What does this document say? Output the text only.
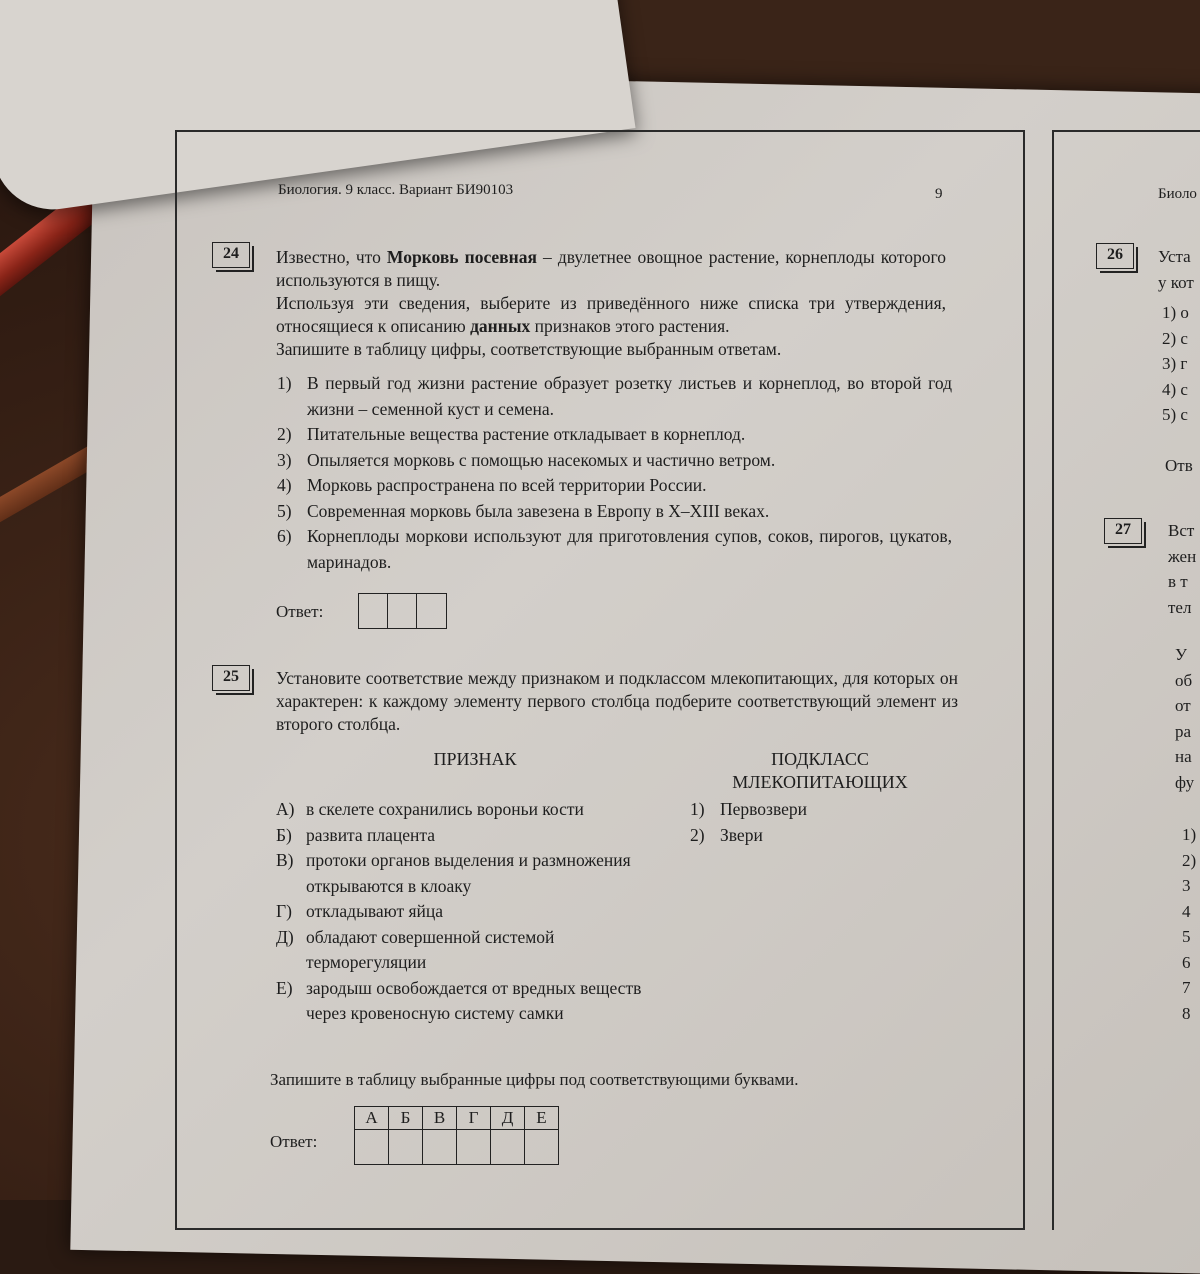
Биология. 9 класс. Вариант БИ90103	9	Биоло
24	Известно, что Морковь посевная – двулетнее овощное растение, корнеплоды которого используются в пищу.
Используя эти сведения, выберите из приведённого ниже списка три утверждения, относящиеся к описанию данных признаков этого растения.
Запишите в таблицу цифры, соответствующие выбранным ответам.
1) В первый год жизни растение образует розетку листьев и корнеплод, во второй год жизни – семенной куст и семена.
2) Питательные вещества растение откладывает в корнеплод.
3) Опыляется морковь с помощью насекомых и частично ветром.
4) Морковь распространена по всей территории России.
5) Современная морковь была завезена в Европу в X–XIII веках.
6) Корнеплоды моркови используют для приготовления супов, соков, пирогов, цукатов, маринадов.
Ответ:
25	Установите соответствие между признаком и подклассом млекопитающих, для которых он характерен: к каждому элементу первого столбца подберите соответствующий элемент из второго столбца.
ПРИЗНАК	ПОДКЛАСС
МЛЕКОПИТАЮЩИХ
А) в скелете сохранились вороньи кости
Б) развита плацента
В) протоки органов выделения и размножения открываются в клоаку
Г) откладывают яйца
Д) обладают совершенной системой терморегуляции
Е) зародыш освобождается от вредных веществ через кровеносную систему самки
1) Первозвери
2) Звери
Запишите в таблицу выбранные цифры под соответствующими буквами.
Ответ:
А	Б	В	Г	Д	Е

26	Уста
у кот
1) о
2) с
3) г
4) с
5) с
Отв
27	Вст
жен
в т
тел
У
об
от
ра
на
фу
1)
2)
3
4
5
6
7
8
